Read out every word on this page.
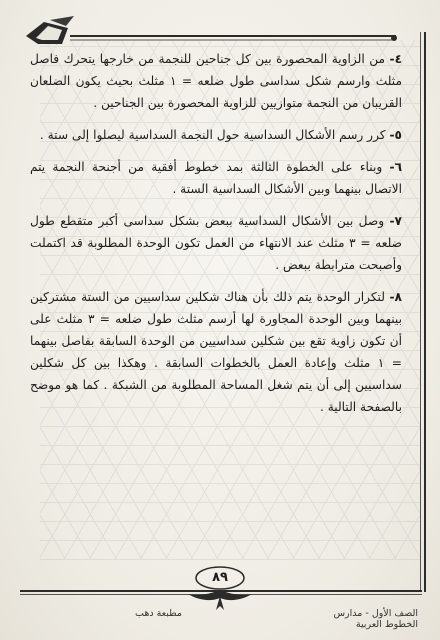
٤- من الزاوية المحصورة بين كل جناحين للنجمة من خارجها يتحرك فاصل مثلث وارسم شكل سداسى طول ضلعه = ١ مثلث بحيث يكون الضلعان القريبان من النجمة متوازيين للزاوية المحصورة بين الجناحين .

٥- كرر رسم الأشكال السداسية حول النجمة السداسية ليصلوا إلى ستة .

٦- وبناء على الخطوة الثالثة بمد خطوط أفقية من أجنحة النجمة يتم الاتصال بينهما وبين الأشكال السداسية الستة .

٧- وصل بين الأشكال السداسية ببعض بشكل سداسى أكبر متقطع طول ضلعه = ٣ مثلث عند الانتهاء من العمل تكون الوحدة المطلوبة قد اكتملت وأصبحت مترابطة ببعض .

٨- لتكرار الوحدة يتم ذلك بأن هناك شكلين سداسيين من الستة مشتركين بينهما وبين الوحدة المجاورة لها أرسم مثلث طول ضلعه = ٣ مثلث على أن تكون زاوية تقع بين شكلين سداسيين من الوحدة السابقة بفاصل بينهما = ١ مثلث وإعادة العمل بالخطوات السابقة . وهكذا بين كل شكلين سداسيين إلى أن يتم شغل المساحة المطلوبة من الشبكة . كما هو موضح بالصفحة التالية .

٨٩
الصف الأول - مدارس الخطوط العربية
مطبعة دهب
